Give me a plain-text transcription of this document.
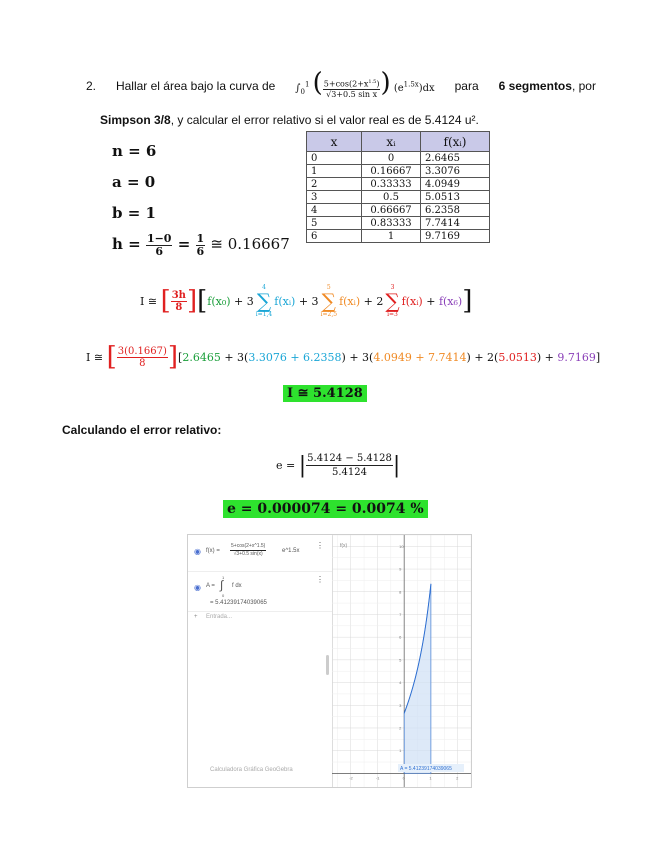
2. Hallar el área bajo la curva de $\int_0^1$ ( $\frac{5+\cos(2+x^{1.5})}{\text{√3+0.5 sin x}}$ ) $(e^{1.5x})dx$ para 6 segmentos, por
Simpson 3/8, y calcular el error relativo si el valor real es de 5.4124 u².
n = 6
a = 0
b = 1
$h = \frac{1-0}{6} = \frac{1}{6}$ ≅ 0.16667
x	xᵢ	f(xᵢ)
0	0	2.6465
1	0.16667	3.3076
2	0.33333	4.0949
3	0.5	5.0513
4	0.66667	6.2358
5	0.83333	7.7414
6	1	9.7169
I ≅
[ $\frac{3h}{8}$ ] [ f(x₀)
+ 3
4
∑
i=1,4
f(xᵢ)
+ 3
5
∑
i=2,5
f(xᵢ)
+ 2
3
∑
i=3
f(xᵢ)
+
f(x₆) ]
I ≅
[ $\frac{3(0.1667)}{8}$ ] [ 2.6465 + 3( 3.3076 + 6.2358 ) + 3( 4.0949 + 7.7414 ) + 2( 5.0513 ) + 9.7169 ]
I ≅ 5.4128
Calculando el error relativo:
e =
| $\frac{5.4124 - 5.4128}{5.4124}$ |
e = 0.000074 = 0.0074 %
◉ $f(x) = \frac{5+\cos(2+x\^{}1.5)}{√3+0.5 \sin(x)}$	e^1.5x
⋮
◉ A =
1
∫
0
f dx
= 5.41239174039065
⋮
+ Entrada...
Calculadora Gráfica GeoGebra
10
9
8
7
6
5
4
3
2
1
-2	-1	0	1	2
f(x)
A = 5.41239174039065
